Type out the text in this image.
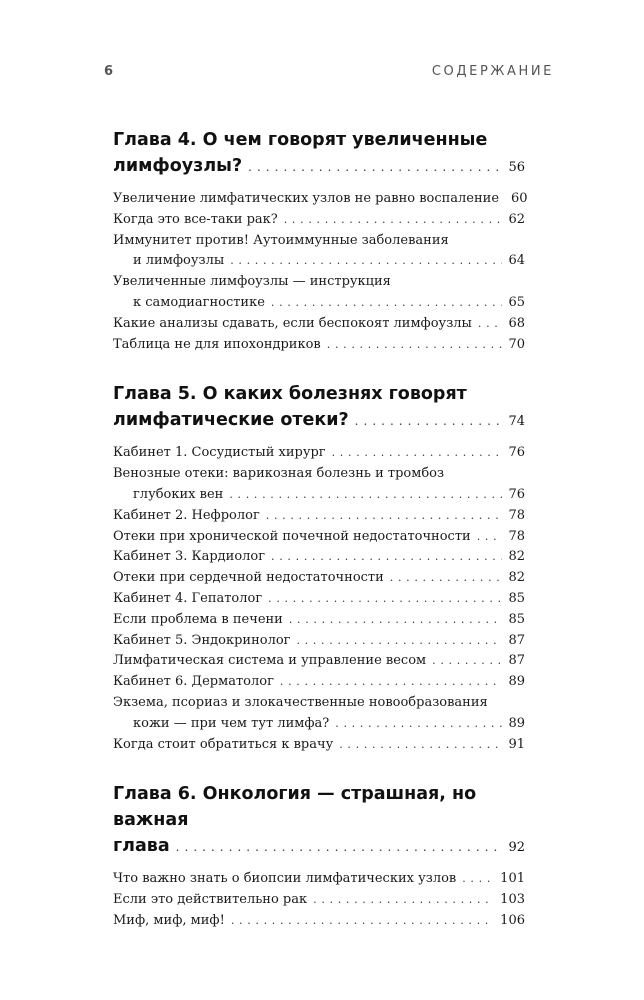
6	СОДЕРЖАНИЕ
Глава 4. О чем говорят увеличенные
лимфоузлы? . . .	56
Увеличение лимфатических узлов не равно воспаление 60
Когда это все-таки рак? . . .	62
Иммунитет против! Аутоиммунные заболевания
и лимфоузлы . . .	64
Увеличенные лимфоузлы — инструкция
к самодиагностике . . .	65
Какие анализы сдавать, если беспокоят лимфоузлы . . .	68
Таблица не для ипохондриков . . .	70
Глава 5. О каких болезнях говорят
лимфатические отеки? . . .	74
Кабинет 1. Сосудистый хирург . . .	76
Венозные отеки: варикозная болезнь и тромбоз
глубоких вен . . .	76
Кабинет 2. Нефролог . . .	78
Отеки при хронической почечной недостаточности . . .	78
Кабинет 3. Кардиолог . . .	82
Отеки при сердечной недостаточности . . .	82
Кабинет 4. Гепатолог . . .	85
Если проблема в печени . . .	85
Кабинет 5. Эндокринолог . . .	87
Лимфатическая система и управление весом . . .	87
Кабинет 6. Дерматолог . . .	89
Экзема, псориаз и злокачественные новообразования
кожи — при чем тут лимфа? . . .	89
Когда стоит обратиться к врачу . . .	91
Глава 6. Онкология — страшная, но важная
глава . . .	92
Что важно знать о биопсии лимфатических узлов . . .	101
Если это действительно рак . . .	103
Миф, миф, миф! . . .	106
